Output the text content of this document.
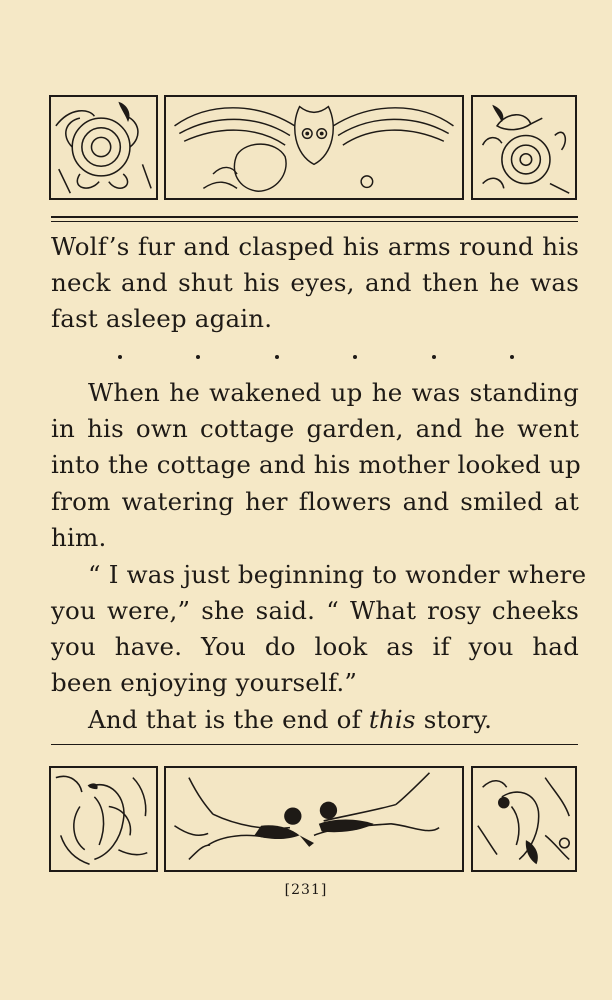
Wolf’s fur and clasped his arms round his
neck and shut his eyes, and then he was
fast asleep again.
When he wakened up he was standing
in his own cottage garden, and he went
into the cottage and his mother looked up
from watering her flowers and smiled at
him.
“ I was just beginning to wonder where
you were,” she said. “ What rosy cheeks
you have. You do look as if you had
been enjoying yourself.”
And that is the end of this story.
[231]
